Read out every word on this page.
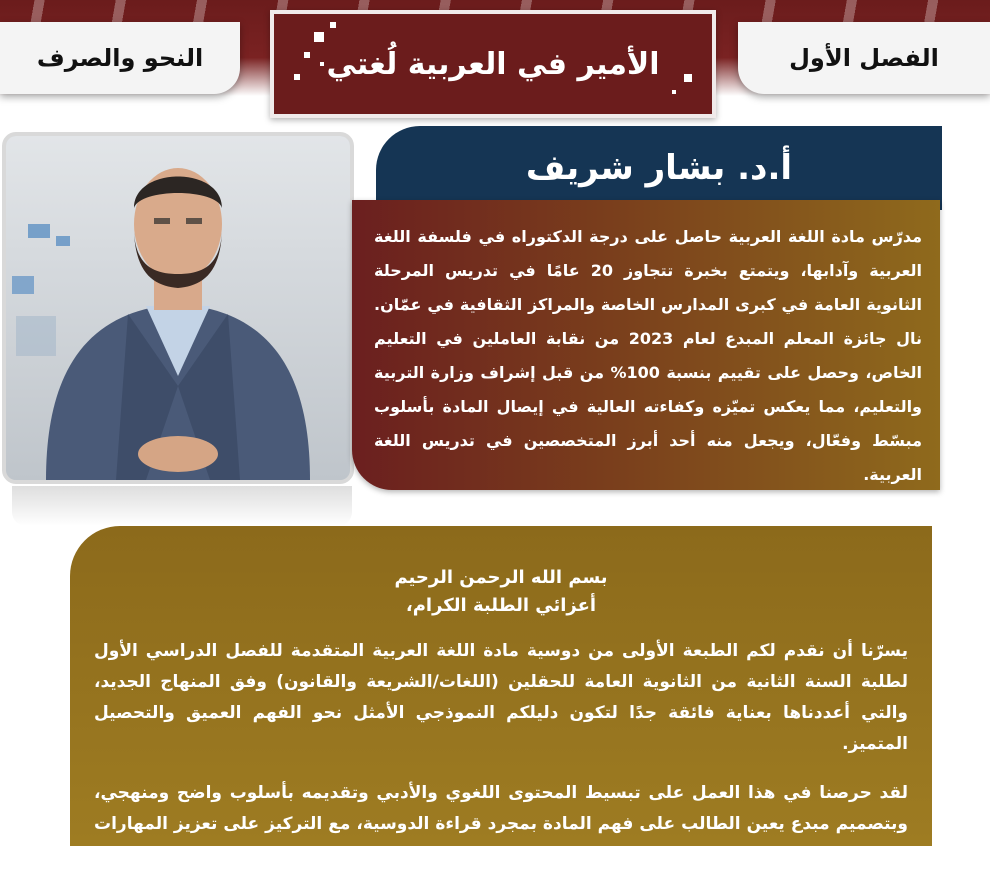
النحو والصرف	الفصل الأول
الأمير في العربية لُغتي
أ.د. بشار شريف
مدرّس مادة اللغة العربية حاصل على درجة الدكتوراه في فلسفة اللغة العربية وآدابها، ويتمتع بخبرة تتجاوز 20 عامًا في تدريس المرحلة الثانوية العامة في كبرى المدارس الخاصة والمراكز الثقافية في عمّان. نال جائزة المعلم المبدع لعام 2023 من نقابة العاملين في التعليم الخاص، وحصل على تقييم بنسبة 100% من قبل إشراف وزارة التربية والتعليم، مما يعكس تميّزه وكفاءته العالية في إيصال المادة بأسلوب مبسّط وفعّال، ويجعل منه أحد أبرز المتخصصين في تدريس اللغة العربية.
بسم الله الرحمن الرحيم
أعزائي الطلبة الكرام،
يسرّنا أن نقدم لكم الطبعة الأولى من دوسية مادة اللغة العربية المتقدمة للفصل الدراسي الأول لطلبة السنة الثانية من الثانوية العامة للحقلين (اللغات/الشريعة والقانون) وفق المنهاج الجديد، والتي أعددناها بعناية فائقة جدًا لتكون دليلكم النموذجي الأمثل نحو الفهم العميق والتحصيل المتميز.
لقد حرصنا في هذا العمل على تبسيط المحتوى اللغوي والأدبي وتقديمه بأسلوب واضح ومنهجي، وبتصميم مبدع يعين الطالب على فهم المادة بمجرد قراءة الدوسية، مع التركيز على تعزيز المهارات اللغوية وتحفيز التفكير
